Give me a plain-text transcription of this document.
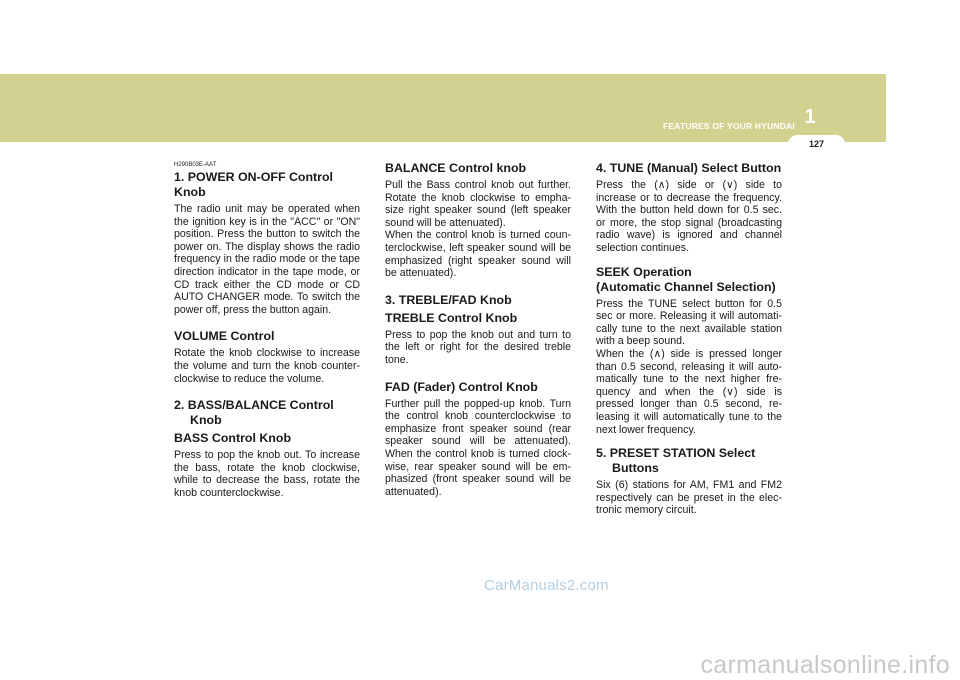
1
FEATURES OF YOUR HYUNDAI
127
H290B03E-AAT
1. POWER ON-OFF Control Knob

The radio unit may be operated when the ignition key is in the "ACC" or "ON" position. Press the button to switch the power on. The display shows the radio frequency in the radio mode or the tape direction indicator in the tape mode, or CD track either the CD mode or CD AUTO CHANGER mode. To switch the power off, press the button again.

VOLUME Control

Rotate the knob clockwise to increase the volume and turn the knob counter-clockwise to reduce the volume.

2. BASS/BALANCE Control Knob
BASS Control Knob

Press to pop the knob out. To increase the bass, rotate the knob clockwise, while to decrease the bass, rotate the knob counterclockwise.

BALANCE Control knob

Pull the Bass control knob out further. Rotate the knob clockwise to empha-size right speaker sound (left speaker sound will be attenuated).
When the control knob is turned coun-terclockwise, left speaker sound will be emphasized (right speaker sound will be attenuated).

3. TREBLE/FAD Knob
TREBLE Control Knob

Press to pop the knob out and turn to the left or right for the desired treble tone.

FAD (Fader) Control Knob

Further pull the popped-up knob. Turn the control knob counterclockwise to emphasize front speaker sound (rear speaker sound will be attenuated). When the control knob is turned clock-wise, rear speaker sound will be em-phasized (front speaker sound will be attenuated).

4. TUNE (Manual) Select Button

Press the (∧) side or (∨) side to increase or to decrease the frequency. With the button held down for 0.5 sec. or more, the stop signal (broadcasting radio wave) is ignored and channel selection continues.

SEEK Operation
(Automatic Channel Selection)

Press the TUNE select button for 0.5 sec or more. Releasing it will automati-cally tune to the next available station with a beep sound.
When the (∧) side is pressed longer than 0.5 second, releasing it will auto-matically tune to the next higher fre-quency and when the (∨) side is pressed longer than 0.5 second, re-leasing it will automatically tune to the next lower frequency.

5. PRESET STATION Select Buttons

Six (6) stations for AM, FM1 and FM2 respectively can be preset in the elec-tronic memory circuit.

CarManuals2.com
carmanualsonline.info
